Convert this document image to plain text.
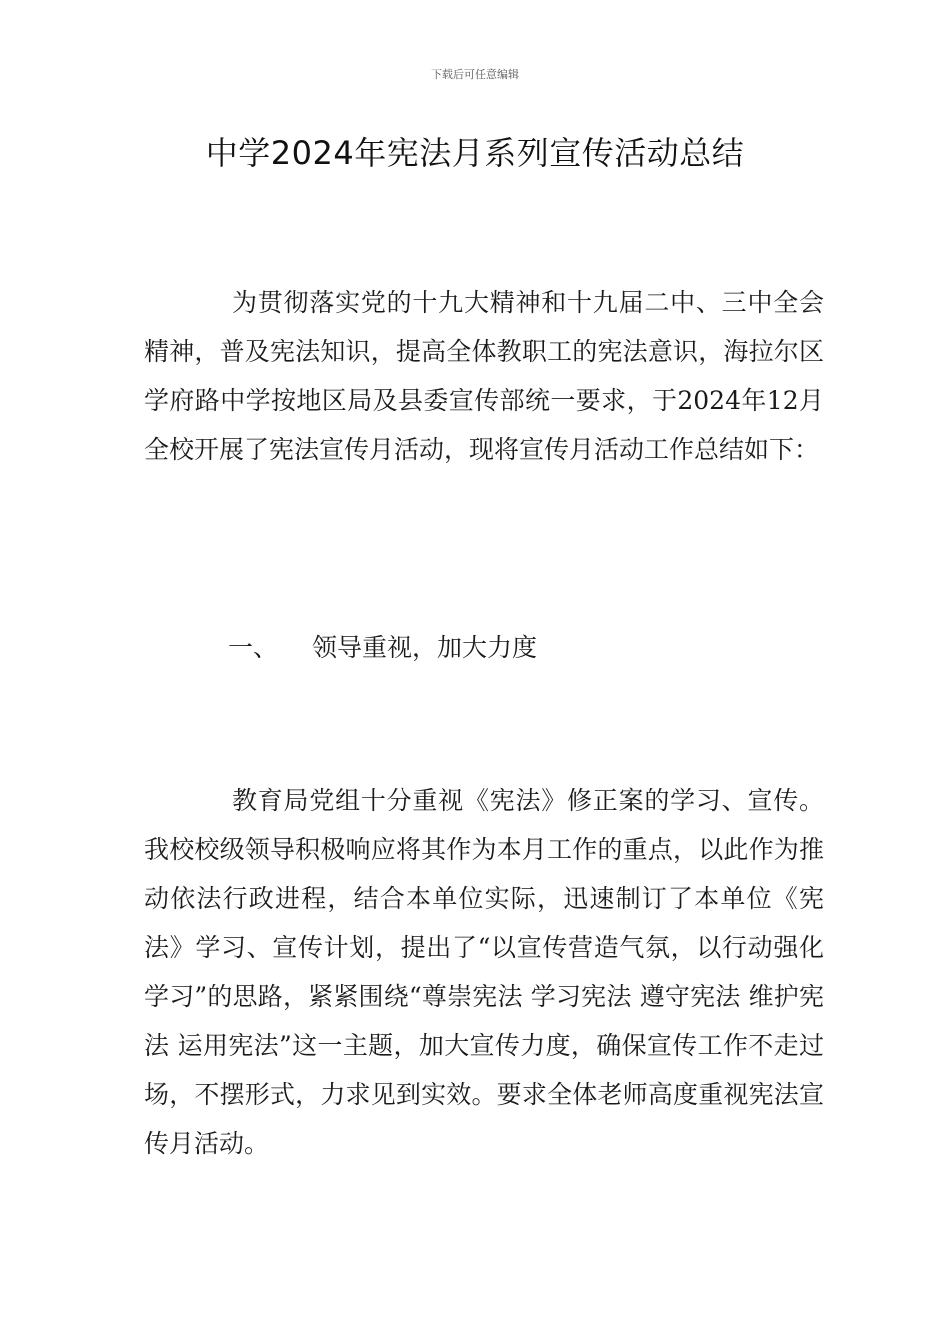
下载后可任意编辑
中学2024年宪法月系列宣传活动总结

为贯彻落实党的十九大精神和十九届二中、三中全会精神，普及宪法知识，提高全体教职工的宪法意识，海拉尔区学府路中学按地区局及县委宣传部统一要求，于2024年12月全校开展了宪法宣传月活动，现将宣传月活动工作总结如下：

一、 领导重视，加大力度

教育局党组十分重视《宪法》修正案的学习、宣传。我校校级领导积极响应将其作为本月工作的重点，以此作为推动依法行政进程，结合本单位实际，迅速制订了本单位《宪法》学习、宣传计划，提出了“以宣传营造气氛，以行动强化学习”的思路，紧紧围绕“尊崇宪法 学习宪法 遵守宪法 维护宪法 运用宪法”这一主题，加大宣传力度，确保宣传工作不走过场，不摆形式，力求见到实效。要求全体老师高度重视宪法宣传月活动。
